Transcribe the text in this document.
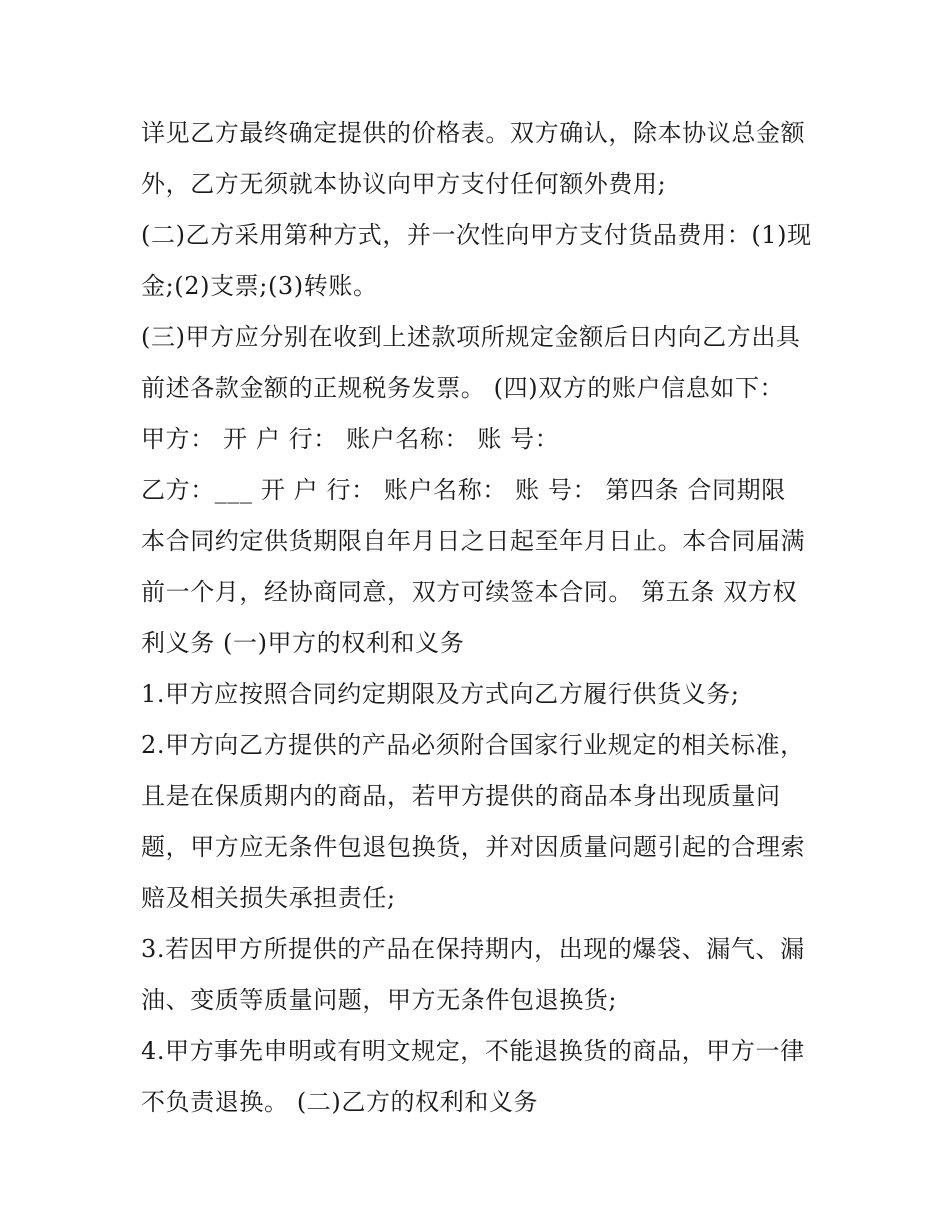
详见乙方最终确定提供的价格表。双方确认，除本协议总金额
外，乙方无须就本协议向甲方支付任何额外费用;
(二)乙方采用第种方式，并一次性向甲方支付货品费用：(1)现
金;(2)支票;(3)转账。
(三)甲方应分别在收到上述款项所规定金额后日内向乙方出具
前述各款金额的正规税务发票。 (四)双方的账户信息如下：
甲方： 开 户 行： 账户名称： 账 号：
乙方：___ 开 户 行： 账户名称： 账 号： 第四条 合同期限
本合同约定供货期限自年月日之日起至年月日止。本合同届满
前一个月，经协商同意，双方可续签本合同。 第五条 双方权
利义务 (一)甲方的权利和义务
1.甲方应按照合同约定期限及方式向乙方履行供货义务;
2.甲方向乙方提供的产品必须附合国家行业规定的相关标准，
且是在保质期内的商品，若甲方提供的商品本身出现质量问
题，甲方应无条件包退包换货，并对因质量问题引起的合理索
赔及相关损失承担责任;
3.若因甲方所提供的产品在保持期内，出现的爆袋、漏气、漏
油、变质等质量问题，甲方无条件包退换货;
4.甲方事先申明或有明文规定，不能退换货的商品，甲方一律
不负责退换。 (二)乙方的权利和义务
